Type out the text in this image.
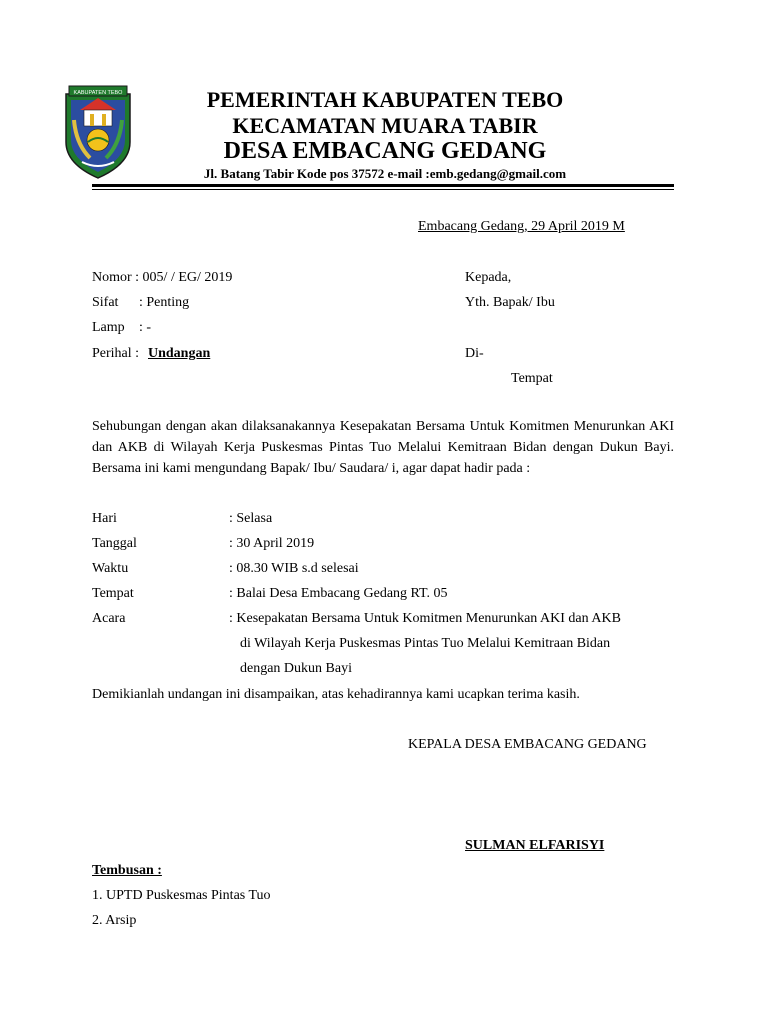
KABUPATEN TEBO	PEMERINTAH KABUPATEN TEBO
KECAMATAN MUARA TABIR
DESA EMBACANG GEDANG
Jl. Batang Tabir Kode pos 37572 e-mail :emb.gedang@gmail.com
Embacang Gedang, 29 April 2019 M
Nomor : 005/ / EG/ 2019
Sifat : Penting
Lamp : -
Perihal : Undangan
Kepada,
Yth. Bapak/ Ibu
Di-
Tempat
Sehubungan dengan akan dilaksanakannya Kesepakatan Bersama Untuk Komitmen Menurunkan AKI dan AKB di Wilayah Kerja Puskesmas Pintas Tuo Melalui Kemitraan Bidan dengan Dukun Bayi. Bersama ini kami mengundang Bapak/ Ibu/ Saudara/ i, agar dapat hadir pada :
Hari	: Selasa
Tanggal	: 30 April 2019
Waktu	: 08.30 WIB s.d selesai
Tempat	: Balai Desa Embacang Gedang RT. 05
Acara	: Kesepakatan Bersama Untuk Komitmen Menurunkan AKI dan AKB
di Wilayah Kerja Puskesmas Pintas Tuo Melalui Kemitraan Bidan
dengan Dukun Bayi
Demikianlah undangan ini disampaikan, atas kehadirannya kami ucapkan terima kasih.
KEPALA DESA EMBACANG GEDANG
SULMAN ELFARISYI
Tembusan :
1. UPTD Puskesmas Pintas Tuo
2. Arsip
